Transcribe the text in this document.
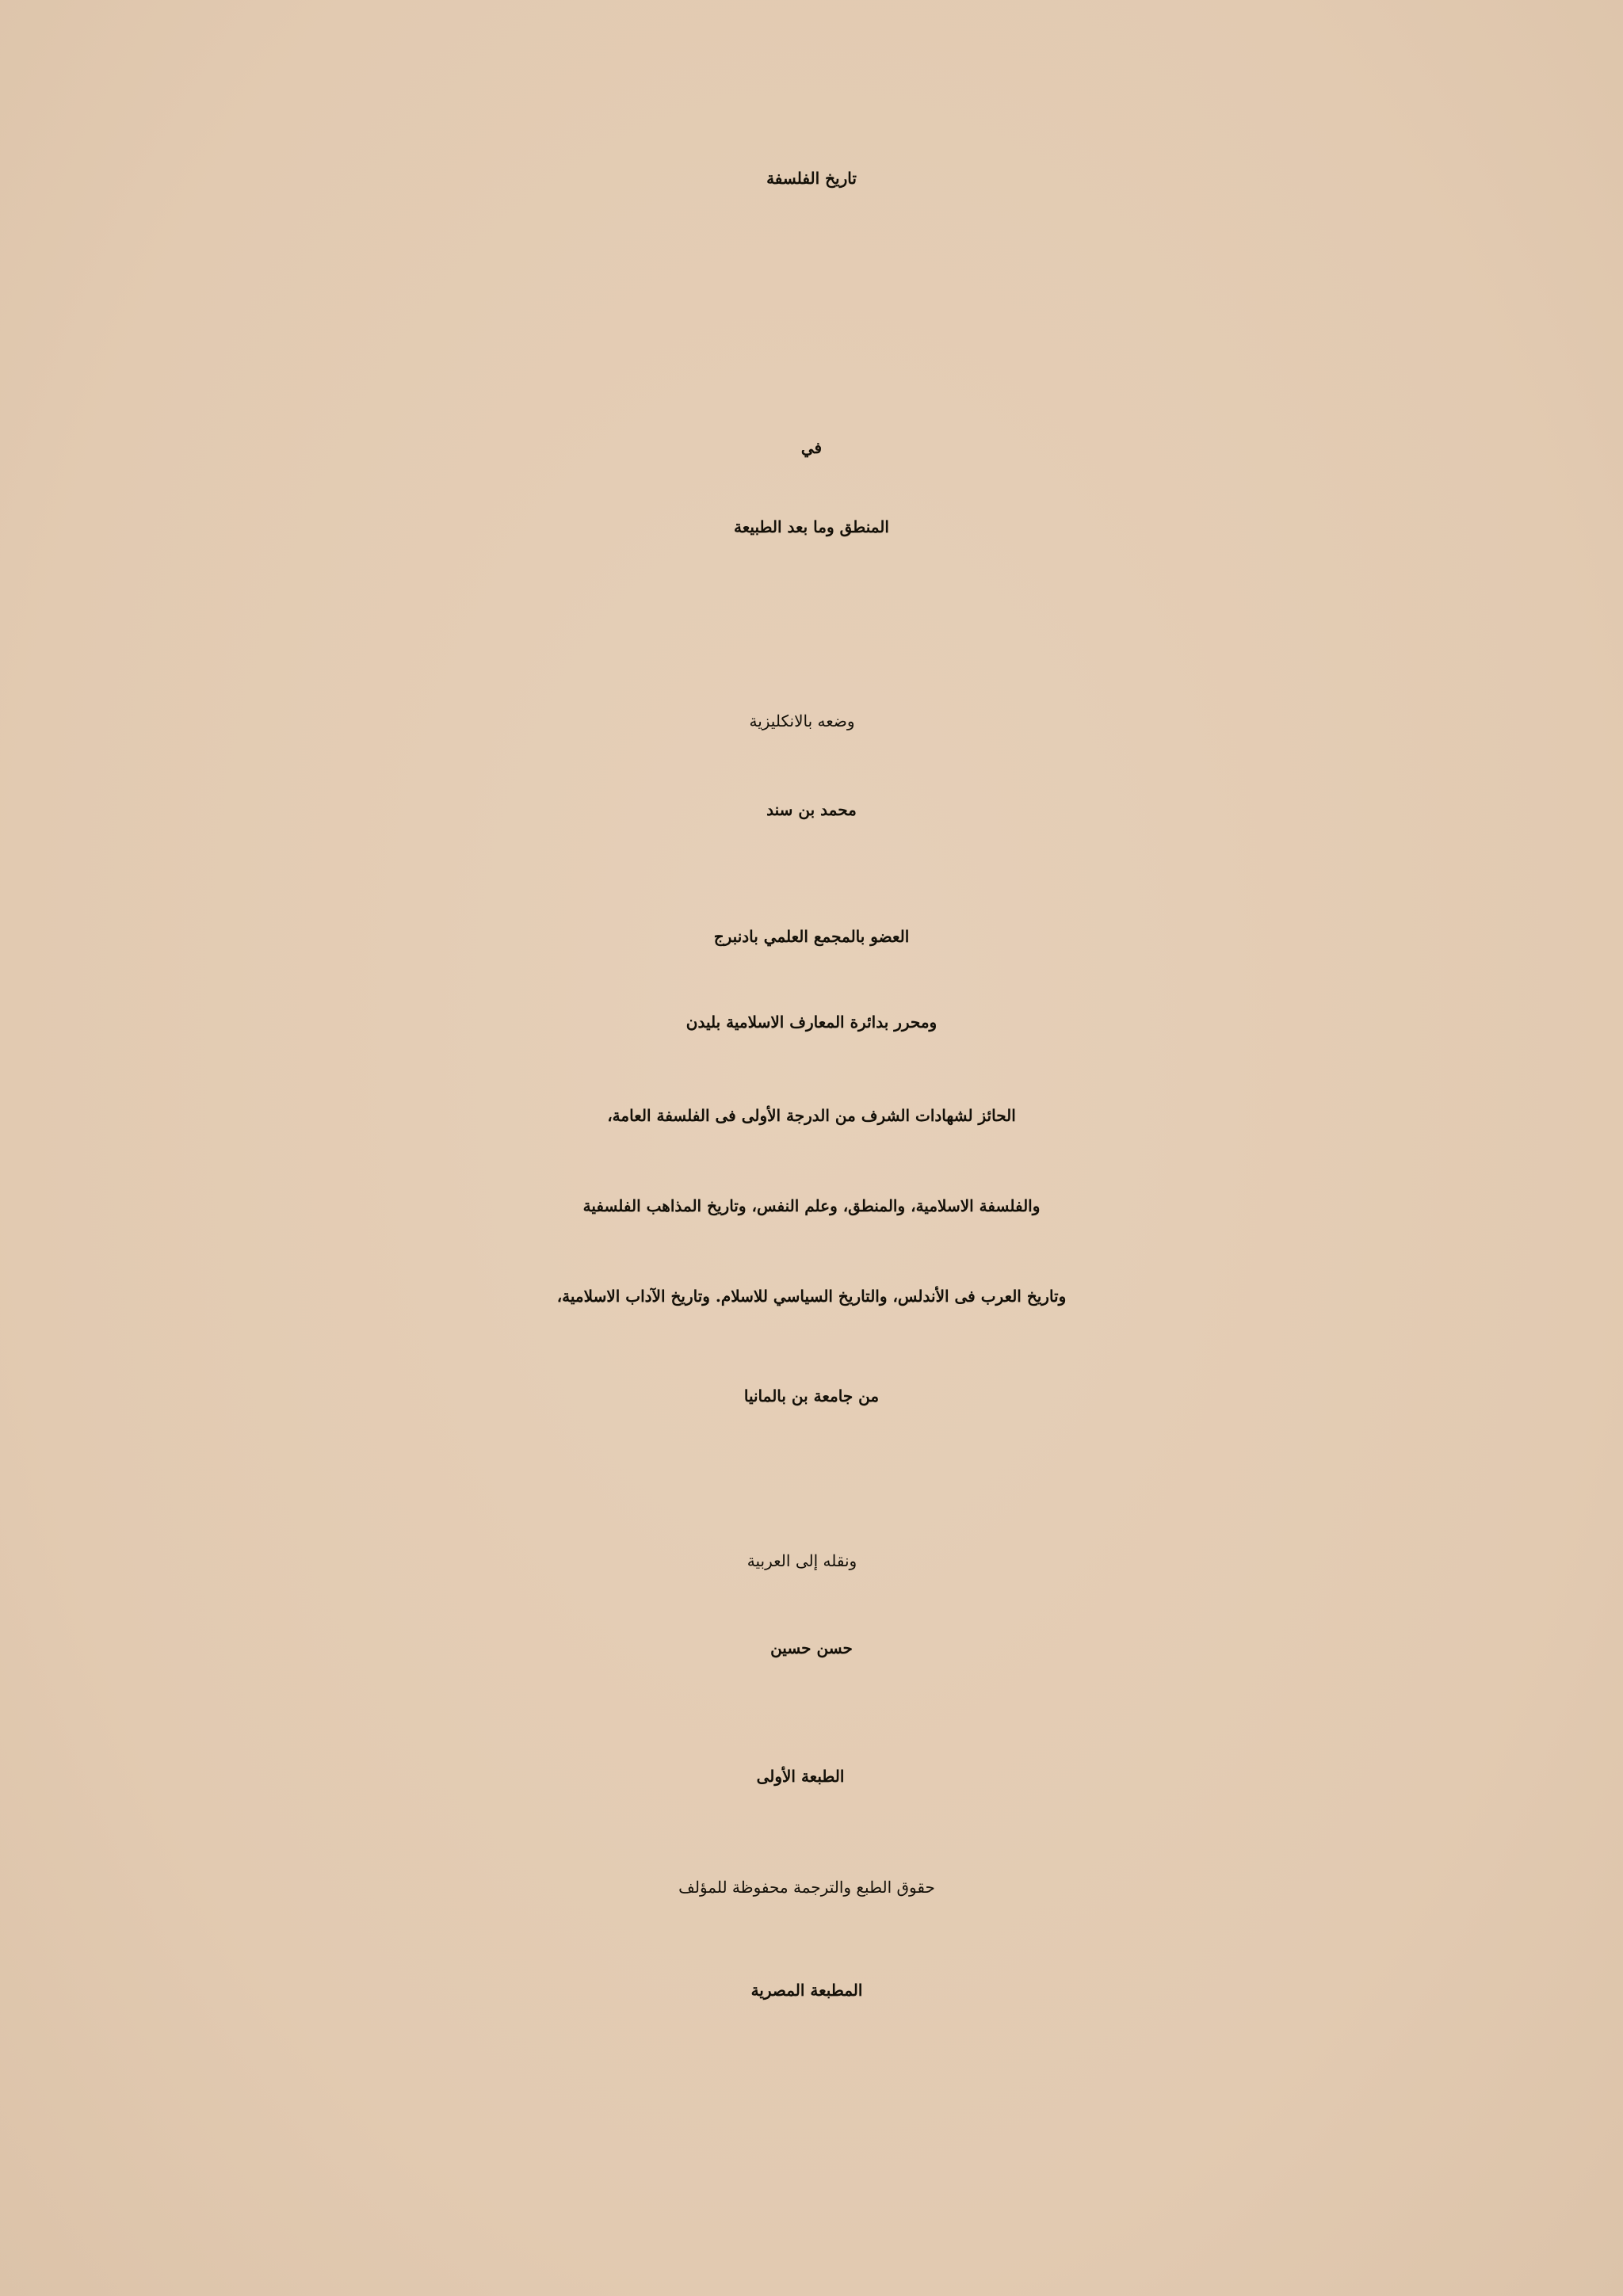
تاريخ الفلسفة
في
المنطق وما بعد الطبيعة
وضعه بالانكليزية
محمد بن سند
العضو بالمجمع العلمي بادنبرج
ومحرر بدائرة المعارف الاسلامية بليدن
الحائز لشهادات الشرف من الدرجة الأولى فى الفلسفة العامة،
والفلسفة الاسلامية، والمنطق، وعلم النفس، وتاريخ المذاهب الفلسفية
وتاريخ العرب فى الأندلس، والتاريخ السياسي للاسلام. وتاريخ الآداب الاسلامية،
من جامعة بن بالمانيا
ونقله إلى العربية
حسن حسين
الطبعة الأولى
حقوق الطبع والترجمة محفوظة للمؤلف
المطبعة المصرية
